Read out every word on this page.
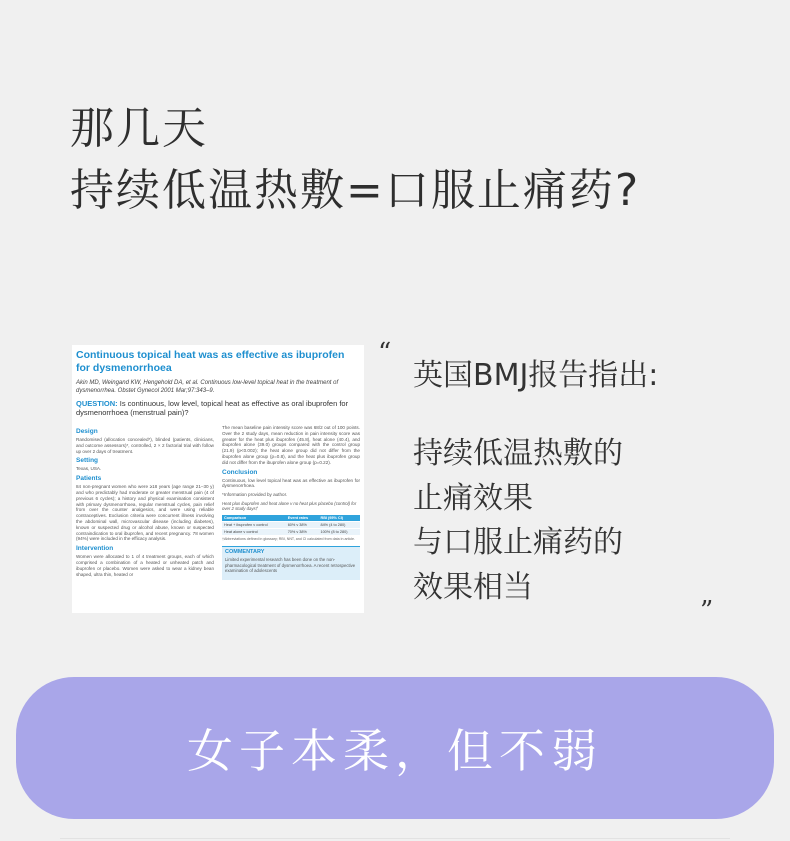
那几天
持续低温热敷=口服止痛药?
Continuous topical heat was as effective as ibuprofen for dysmenorrhoea
Akin MD, Weingand KW, Hengehold DA, et al. Continuous low-level topical heat in the treatment of dysmenorrhea. Obstet Gynecol 2001 Mar;97:343–9.
QUESTION: Is continuous, low level, topical heat as effective as oral ibuprofen for dysmenorrhoea (menstrual pain)?
Design
Randomised (allocation concealed*), blinded (patients, clinicians, and outcome assessors)*, controlled, 2 × 2 factorial trial with follow up over 2 days of treatment.
Setting
Texas, USA.
Patients
84 non-pregnant women who were ≥18 years (age range 21–30 y) and who predictably had moderate or greater menstrual pain (4 of previous 6 cycles); a history and physical examination consistent with primary dysmenorrhoea, regular menstrual cycles, pain relief from over the counter analgesics, and were using reliable contraceptives. Exclusion criteria were concurrent illness involving the abdominal wall, microvascular disease (including diabetes), known or suspected drug or alcohol abuse, known or suspected contraindication to oral ibuprofen, and recent pregnancy. 78 women (94%) were included in the efficacy analysis.
Intervention
Women were allocated to 1 of 4 treatment groups, each of which comprised a combination of a heated or unheated patch and ibuprofen or placebo. Women were asked to wear a kidney bean shaped, ultra thin, heated or
The mean baseline pain intensity score was 68/2 out of 100 points. Over the 2 study days, mean reduction in pain intensity score was greater for the heat plus ibuprofen (45.8), heat alone (40.4), and ibuprofen alone (39.0) groups compared with the control group (21.9) (p<0.002); the heat alone group did not differ from the ibuprofen alone group (p=0.8), and the heat plus ibuprofen group did not differ from the ibuprofen alone group (p=0.22).
Conclusion
Continuous, low level topical heat was as effective as ibuprofen for dysmenorrhoea.
*Information provided by author.
Heat plus ibuprofen and heat alone v no heat plus placebo (control) for over 2 study days†
Comparison	Event rates	RBI (95% CI)
Heat + ibuprofen v control	60% v 38%	84% (4 to 280)
Heat alone v control	70% v 38%	100% (8 to 280)
†Abbreviations defined in glossary; RBI, NNT, and CI calculated from data in article.
COMMENTARY
Limited experimental research has been done on the non-pharmacological treatment of dysmenorrhoea. A recent retrospective examination of adolescents
“
英国BMJ报告指出:
持续低温热敷的
止痛效果
与口服止痛药的
效果相当
”
女子本柔，但不弱
